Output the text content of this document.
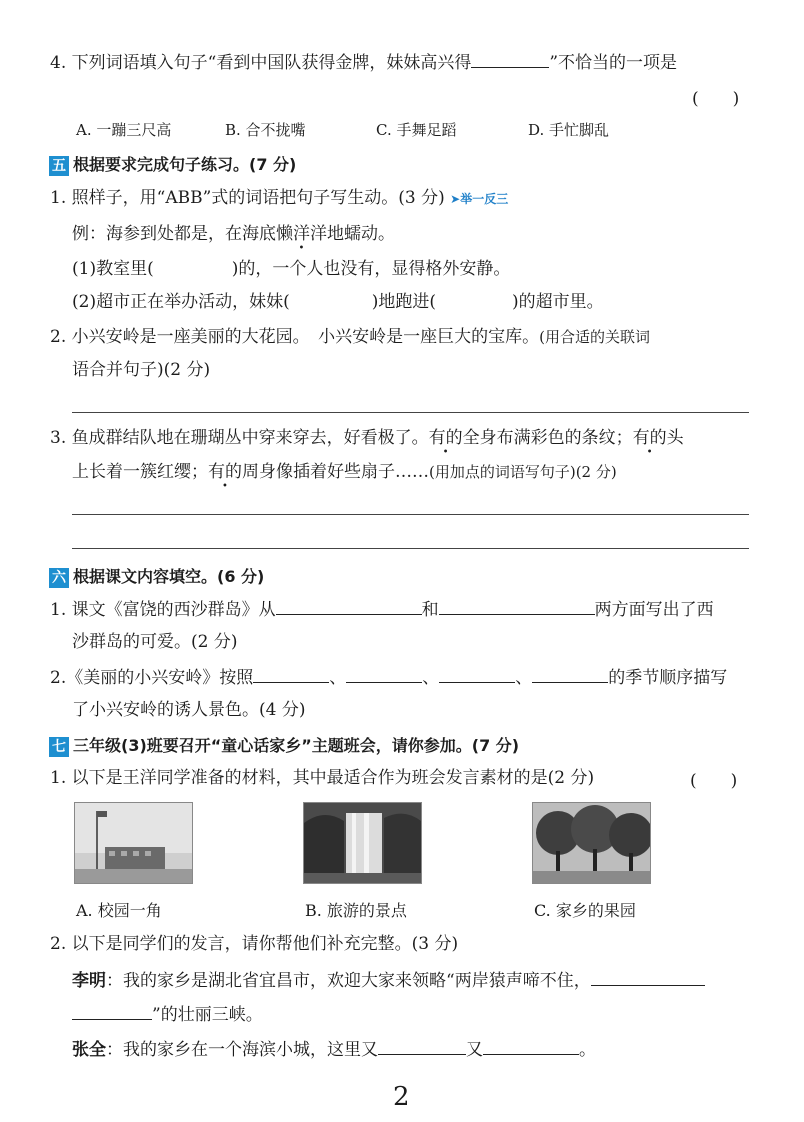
4. 下列词语填入句子“看到中国队获得金牌，妹妹高兴得	”不恰当的一项是
(　　)
A. 一蹦三尺高	B. 合不拢嘴	C. 手舞足蹈	D. 手忙脚乱
五 根据要求完成句子练习。(7 分)
1. 照样子，用“ABB”式的词语把句子写生动。(3 分) ➤举一反三
例：海参到处都是，在海底懒洋洋地蠕动。
(1)教室里(	)的，一个人也没有，显得格外安静。
(2)超市正在举办活动，妹妹(	)地跑进(	)的超市里。
2. 小兴安岭是一座美丽的大花园。　小兴安岭是一座巨大的宝库。(用合适的关联词
语合并句子)(2 分)
3. 鱼成群结队地在珊瑚丛中穿来穿去，好看极了。有的全身布满彩色的条纹；有的头
上长着一簇红缨；有的周身像插着好些扇子……(用加点的词语写句子)(2 分)
六 根据课文内容填空。(6 分)
1. 课文《富饶的西沙群岛》从	和	两方面写出了西
沙群岛的可爱。(2 分)
2.《美丽的小兴安岭》按照	、	、	、	的季节顺序描写
了小兴安岭的诱人景色。(4 分)
七 三年级(3)班要召开“童心话家乡”主题班会，请你参加。(7 分)
1. 以下是王洋同学准备的材料，其中最适合作为班会发言素材的是(2 分)	(　　)
A. 校园一角	B. 旅游的景点	C. 家乡的果园
2. 以下是同学们的发言，请你帮他们补充完整。(3 分)
李明：我的家乡是湖北省宜昌市，欢迎大家来领略“两岸猿声啼不住，
”的壮丽三峡。
张全：我的家乡在一个海滨小城，这里又	又	。
2
